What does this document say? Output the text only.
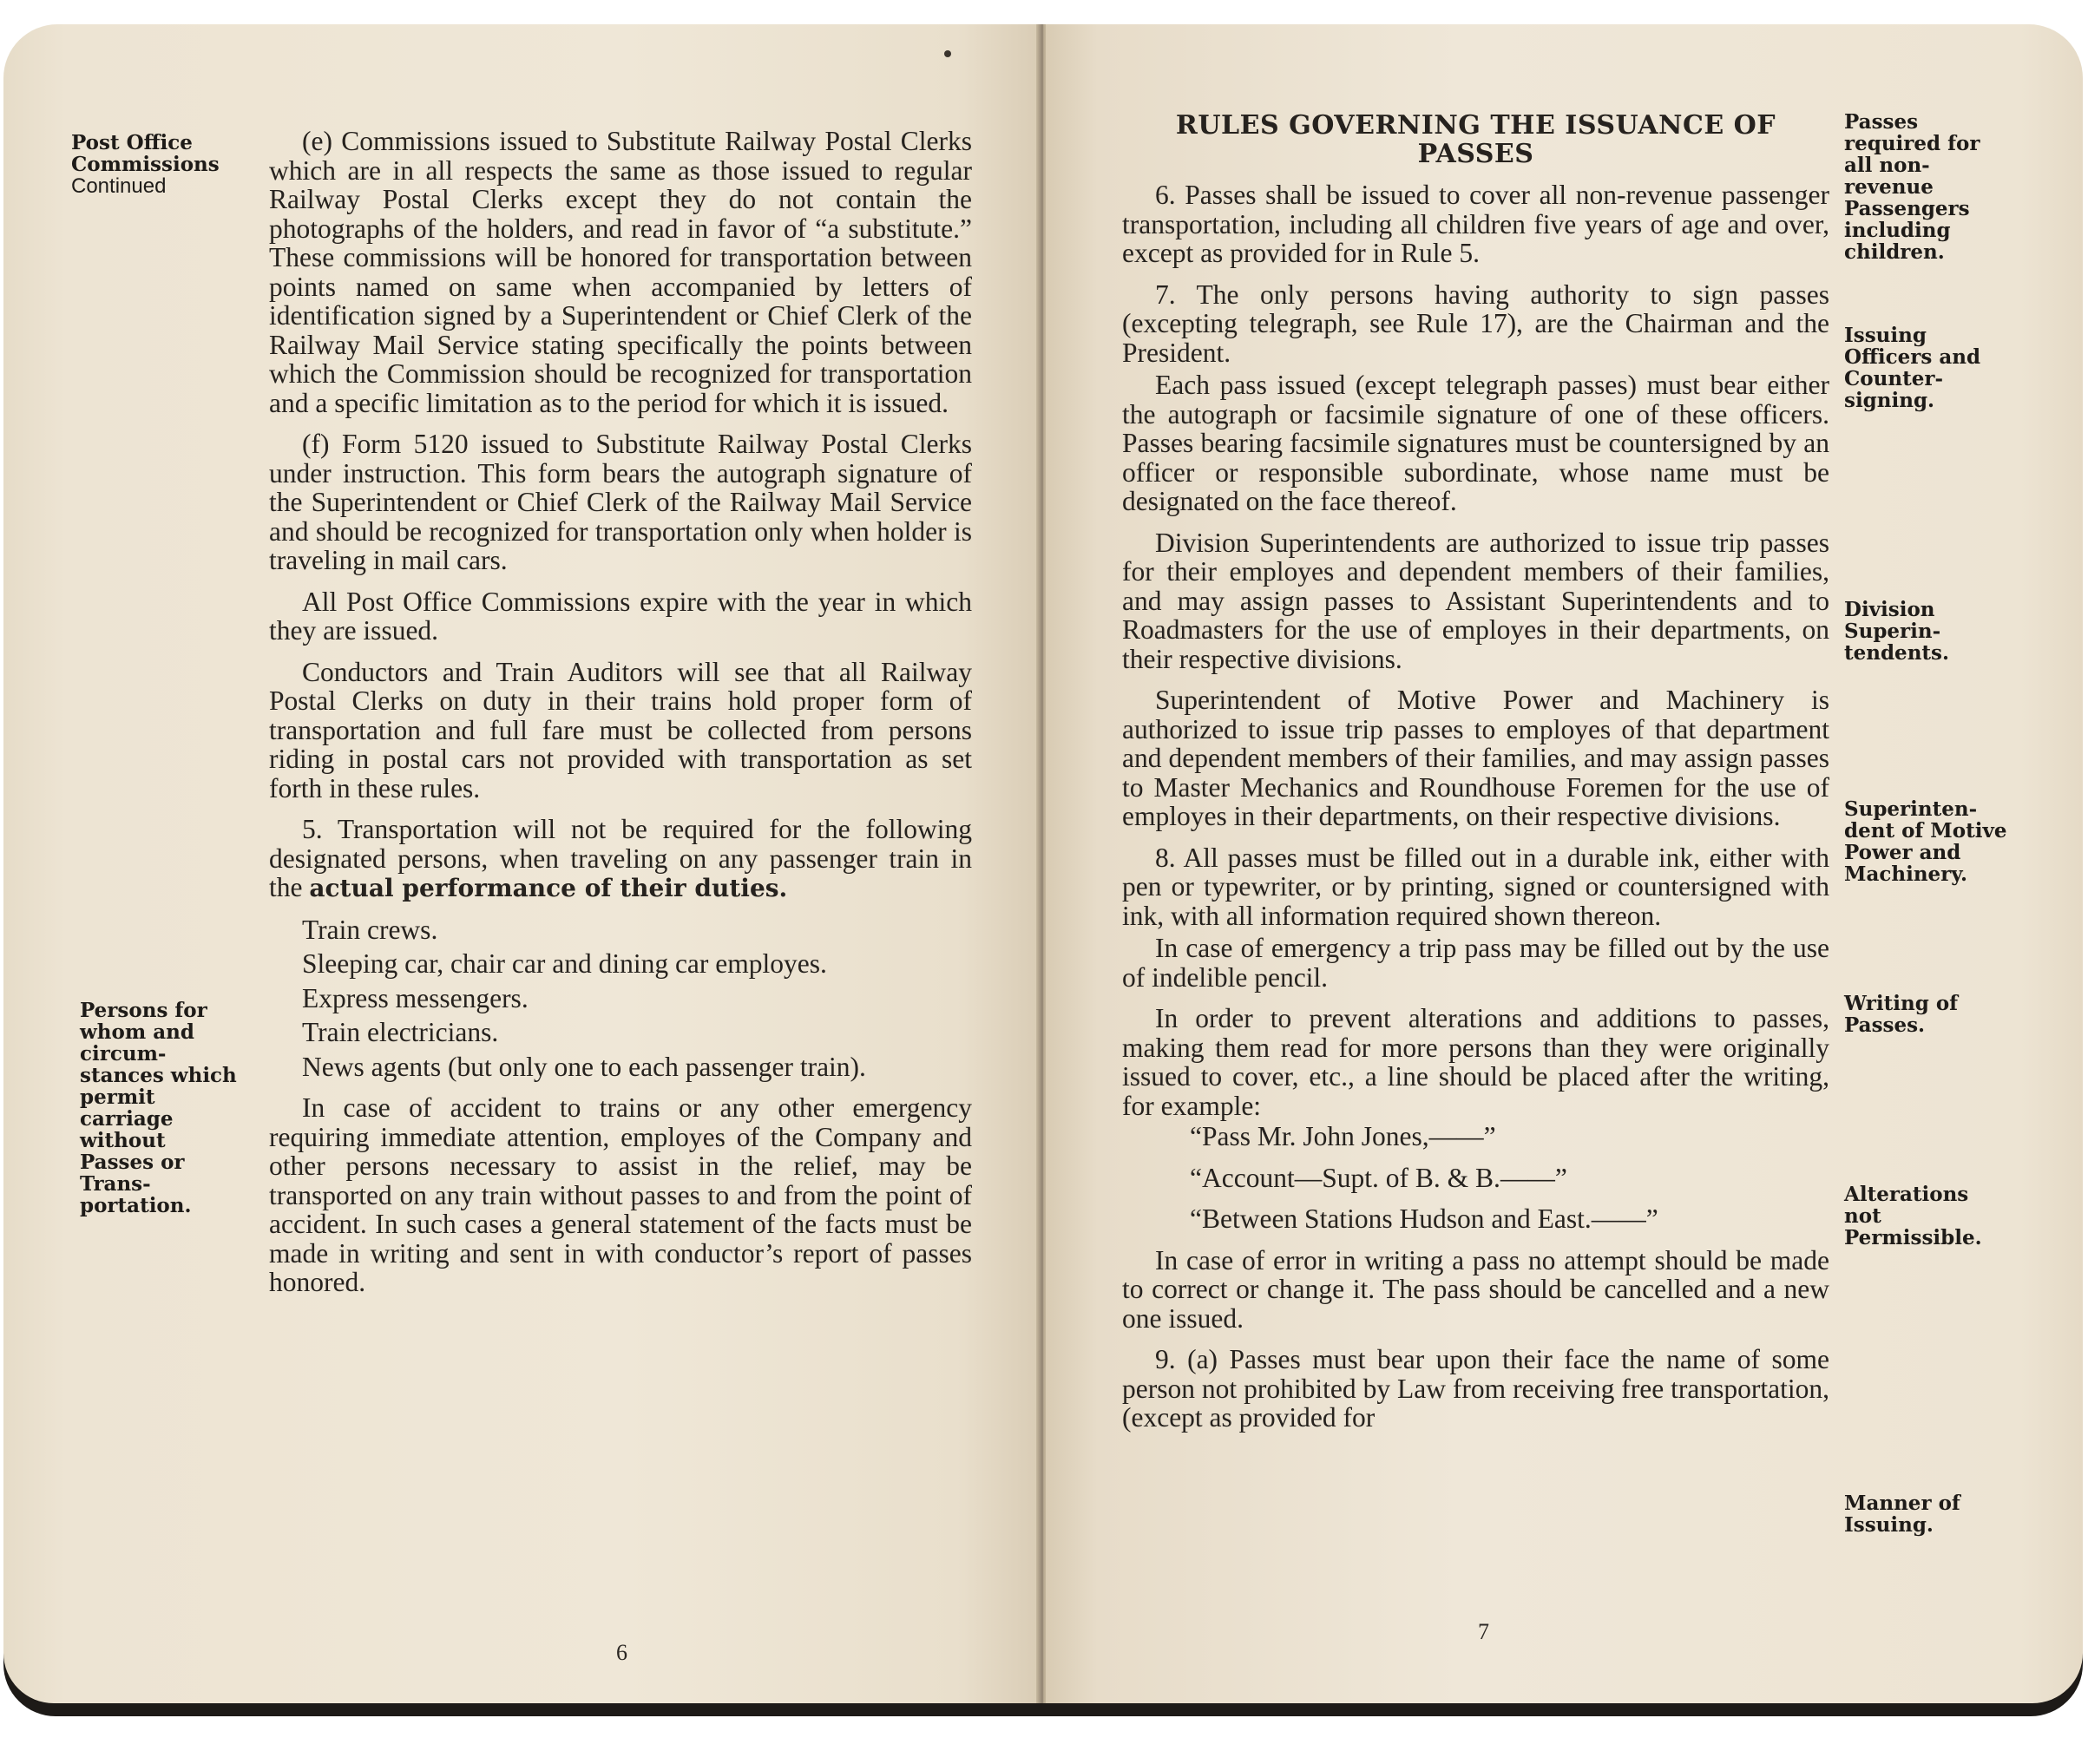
Post Office
Commissions
Continued
Persons for
whom and
circum-
stances which
permit
carriage
without
Passes or
Trans-
portation.

(e) Commissions issued to Substitute Railway Postal Clerks which are in all respects the same as those issued to regular Railway Postal Clerks except they do not contain the photographs of the holders, and read in favor of “a substitute.” These commissions will be honored for transportation between points named on same when accompanied by letters of identification signed by a Superintendent or Chief Clerk of the Railway Mail Service stating specifically the points between which the Commission should be recognized for transportation and a specific limitation as to the period for which it is issued.

(f) Form 5120 issued to Substitute Railway Postal Clerks under instruction. This form bears the autograph signature of the Superintendent or Chief Clerk of the Railway Mail Service and should be recognized for transportation only when holder is traveling in mail cars.

All Post Office Commissions expire with the year in which they are issued.

Conductors and Train Auditors will see that all Railway Postal Clerks on duty in their trains hold proper form of transportation and full fare must be collected from persons riding in postal cars not provided with transportation as set forth in these rules.

5. Transportation will not be required for the following designated persons, when traveling on any passenger train in the actual performance of their duties.

Train crews.
Sleeping car, chair car and dining car employes.
Express messengers.
Train electricians.
News agents (but only one to each passenger train).

In case of accident to trains or any other emergency requiring immediate attention, employes of the Company and other persons necessary to assist in the relief, may be transported on any train without passes to and from the point of accident. In such cases a general statement of the facts must be made in writing and sent in with conductor’s report of passes honored.

6
RULES GOVERNING THE ISSUANCE OF PASSES

6. Passes shall be issued to cover all non-revenue passenger transportation, including all children five years of age and over, except as provided for in Rule 5.

7. The only persons having authority to sign passes (excepting telegraph, see Rule 17), are the Chairman and the President.

Each pass issued (except telegraph passes) must bear either the autograph or facsimile signature of one of these officers. Passes bearing facsimile signatures must be countersigned by an officer or responsible subordinate, whose name must be designated on the face thereof.

Division Superintendents are authorized to issue trip passes for their employes and dependent members of their families, and may assign passes to Assistant Superintendents and to Roadmasters for the use of employes in their departments, on their respective divisions.

Superintendent of Motive Power and Machinery is authorized to issue trip passes to employes of that department and dependent members of their families, and may assign passes to Master Mechanics and Roundhouse Foremen for the use of employes in their departments, on their respective divisions.

8. All passes must be filled out in a durable ink, either with pen or typewriter, or by printing, signed or countersigned with ink, with all information required shown thereon.

In case of emergency a trip pass may be filled out by the use of indelible pencil.

In order to prevent alterations and additions to passes, making them read for more persons than they were originally issued to cover, etc., a line should be placed after the writing, for example:

“Pass Mr. John Jones,——”

“Account—Supt. of B. & B.——”

“Between Stations Hudson and East.——”

In case of error in writing a pass no attempt should be made to correct or change it. The pass should be cancelled and a new one issued.

9. (a) Passes must bear upon their face the name of some person not prohibited by Law from receiving free transportation, (except as provided for

Passes
required for
all non-
revenue
Passengers
including
children.
Issuing
Officers and
Counter-
signing.
Division
Superin-
tendents.
Superinten-
dent of Motive
Power and
Machinery.
Writing of
Passes.
Alterations
not
Permissible.
Manner of
Issuing.
7
